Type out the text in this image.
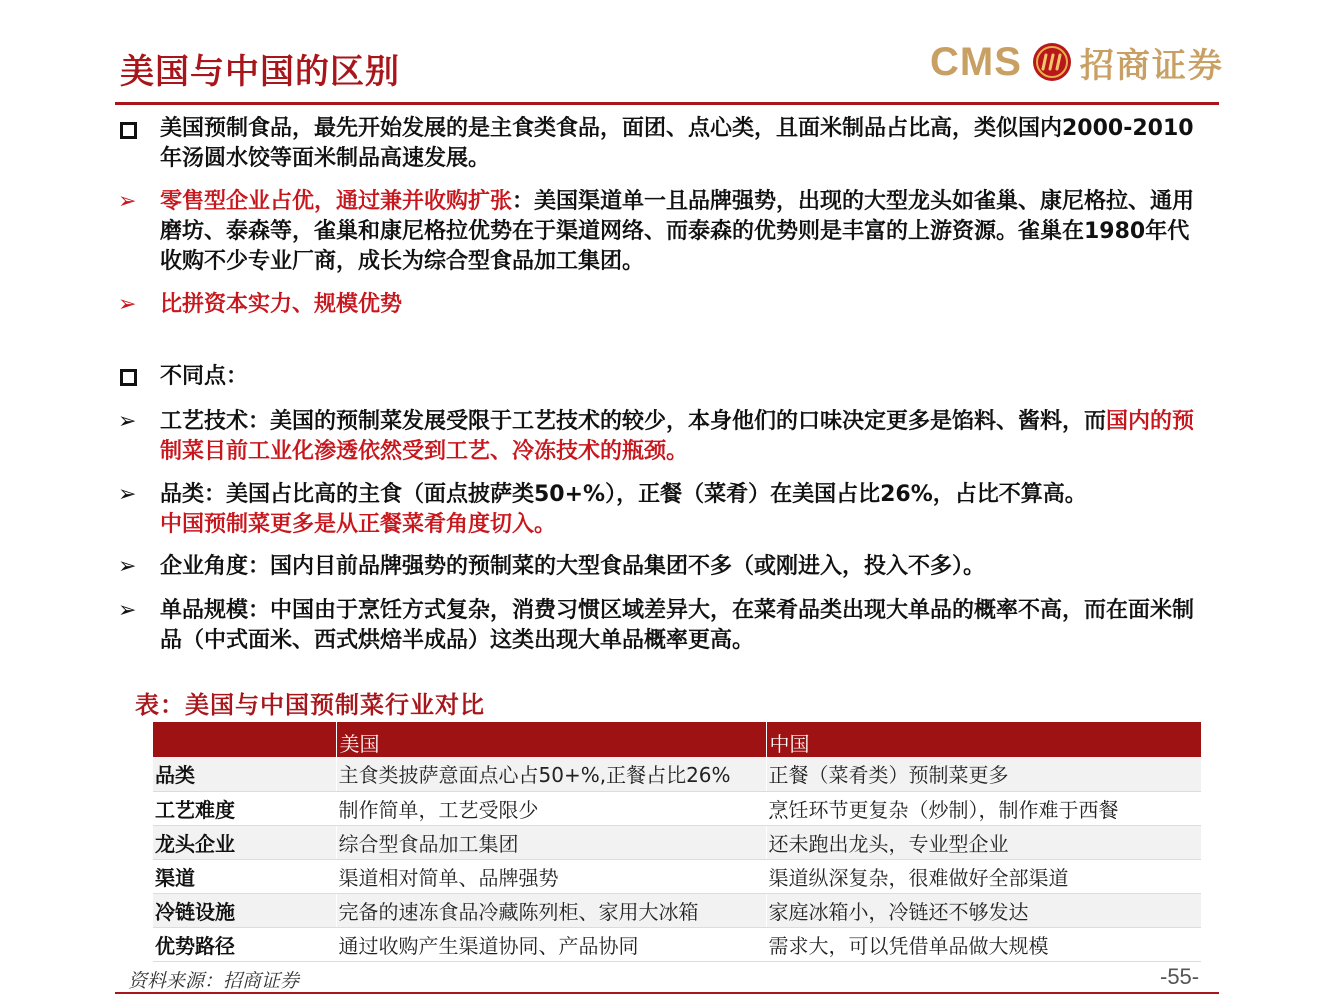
美国与中国的区别	CMS 招商证券
美国预制食品，最先开始发展的是主食类食品，面团、点心类，且面米制品占比高，类似国内2000-2010年汤圆水饺等面米制品高速发展。
➢ 零售型企业占优，通过兼并收购扩张：美国渠道单一且品牌强势，出现的大型龙头如雀巢、康尼格拉、通用磨坊、泰森等，雀巢和康尼格拉优势在于渠道网络、而泰森的优势则是丰富的上游资源。雀巢在1980年代收购不少专业厂商，成长为综合型食品加工集团。
➢ 比拼资本实力、规模优势
不同点：
➢ 工艺技术：美国的预制菜发展受限于工艺技术的较少，本身他们的口味决定更多是馅料、酱料，而国内的预制菜目前工业化渗透依然受到工艺、冷冻技术的瓶颈。
➢ 品类：美国占比高的主食（面点披萨类50+%），正餐（菜肴）在美国占比26%，占比不算高。
中国预制菜更多是从正餐菜肴角度切入。
➢ 企业角度：国内目前品牌强势的预制菜的大型食品集团不多（或刚进入，投入不多）。
➢ 单品规模：中国由于烹饪方式复杂，消费习惯区域差异大，在菜肴品类出现大单品的概率不高，而在面米制品（中式面米、西式烘焙半成品）这类出现大单品概率更高。
表：美国与中国预制菜行业对比
	美国	中国
品类	主食类披萨意面点心占50+%,正餐占比26%	正餐（菜肴类）预制菜更多
工艺难度	制作简单，工艺受限少	烹饪环节更复杂（炒制），制作难于西餐
龙头企业	综合型食品加工集团	还未跑出龙头，专业型企业
渠道	渠道相对简单、品牌强势	渠道纵深复杂，很难做好全部渠道
冷链设施	完备的速冻食品冷藏陈列柜、家用大冰箱	家庭冰箱小，冷链还不够发达
优势路径	通过收购产生渠道协同、产品协同	需求大，可以凭借单品做大规模
资料来源：招商证券	-55-
